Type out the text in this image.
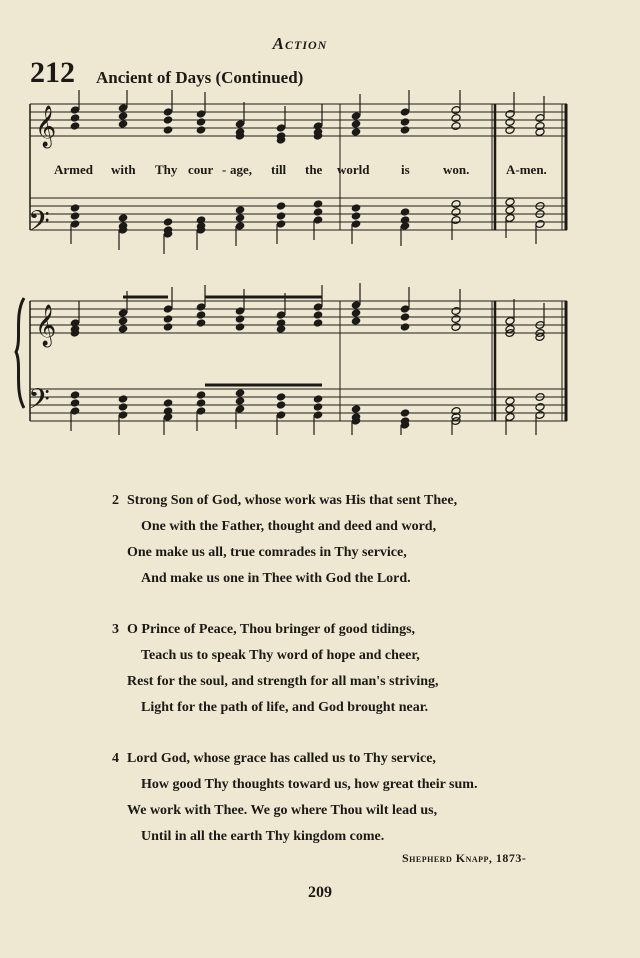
Action
212 Ancient of Days (Continued)
𝄞
𝄢
𝄞
𝄢
Armed with Thy cour - age, till the world is	won.	A-men.
2 Strong Son of God, whose work was His that sent Thee,
One with the Father, thought and deed and word,
One make us all, true comrades in Thy service,
And make us one in Thee with God the Lord.
3 O Prince of Peace, Thou bringer of good tidings,
Teach us to speak Thy word of hope and cheer,
Rest for the soul, and strength for all man's striving,
Light for the path of life, and God brought near.
4 Lord God, whose grace has called us to Thy service,
How good Thy thoughts toward us, how great their sum.
We work with Thee. We go where Thou wilt lead us,
Until in all the earth Thy kingdom come.
Shepherd Knapp, 1873-
209
